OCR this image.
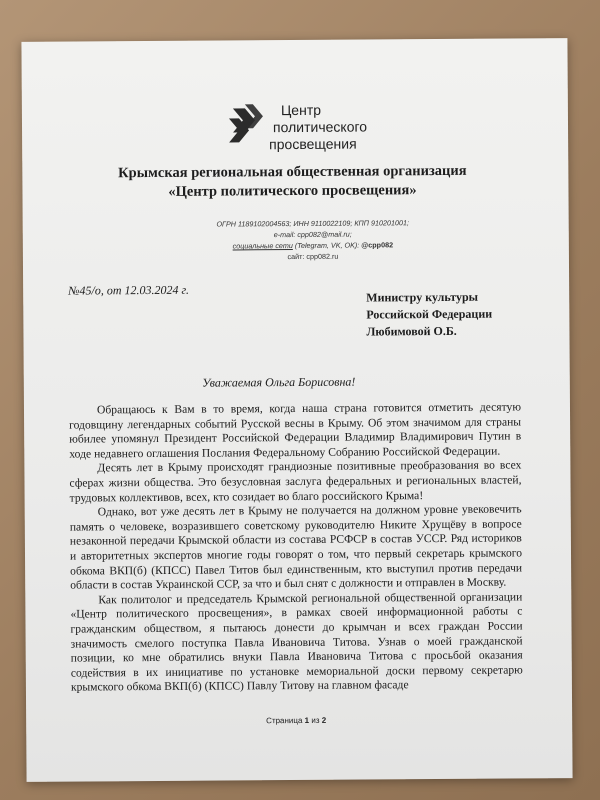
Центр
политического
просвещения
Крымская региональная общественная организация
«Центр политического просвещения»
ОГРН 1189102004563; ИНН 9110022109; КПП 910201001;
e-mail: cpp082@mail.ru;
социальные сети (Telegram, VK, OK): @cpp082
сайт: cpp082.ru
№45/о, от 12.03.2024 г.	Министру культуры
Российской Федерации
Любимовой О.Б.
Уважаемая Ольга Борисовна!

Обращаюсь к Вам в то время, когда наша страна готовится отметить десятую годовщину легендарных событий Русской весны в Крыму. Об этом значимом для страны юбилее упомянул Президент Российской Федерации Владимир Владимирович Путин в ходе недавнего оглашения Послания Федеральному Собранию Российской Федерации.

Десять лет в Крыму происходят грандиозные позитивные преобразования во всех сферах жизни общества. Это безусловная заслуга федеральных и региональных властей, трудовых коллективов, всех, кто созидает во благо российского Крыма!

Однако, вот уже десять лет в Крыму не получается на должном уровне увековечить память о человеке, возразившего советскому руководителю Никите Хрущёву в вопросе незаконной передачи Крымской области из состава РСФСР в состав УССР. Ряд историков и авторитетных экспертов многие годы говорят о том, что первый секретарь крымского обкома ВКП(б) (КПСС) Павел Титов был единственным, кто выступил против передачи области в состав Украинской ССР, за что и был снят с должности и отправлен в Москву.

Как политолог и председатель Крымской региональной общественной организации «Центр политического просвещения», в рамках своей информационной работы с гражданским обществом, я пытаюсь донести до крымчан и всех граждан России значимость смелого поступка Павла Ивановича Титова. Узнав о моей гражданской позиции, ко мне обратились внуки Павла Ивановича Титова с просьбой оказания содействия в их инициативе по установке мемориальной доски первому секретарю крымского обкома ВКП(б) (КПСС) Павлу Титову на главном фасаде

Страница 1 из 2
